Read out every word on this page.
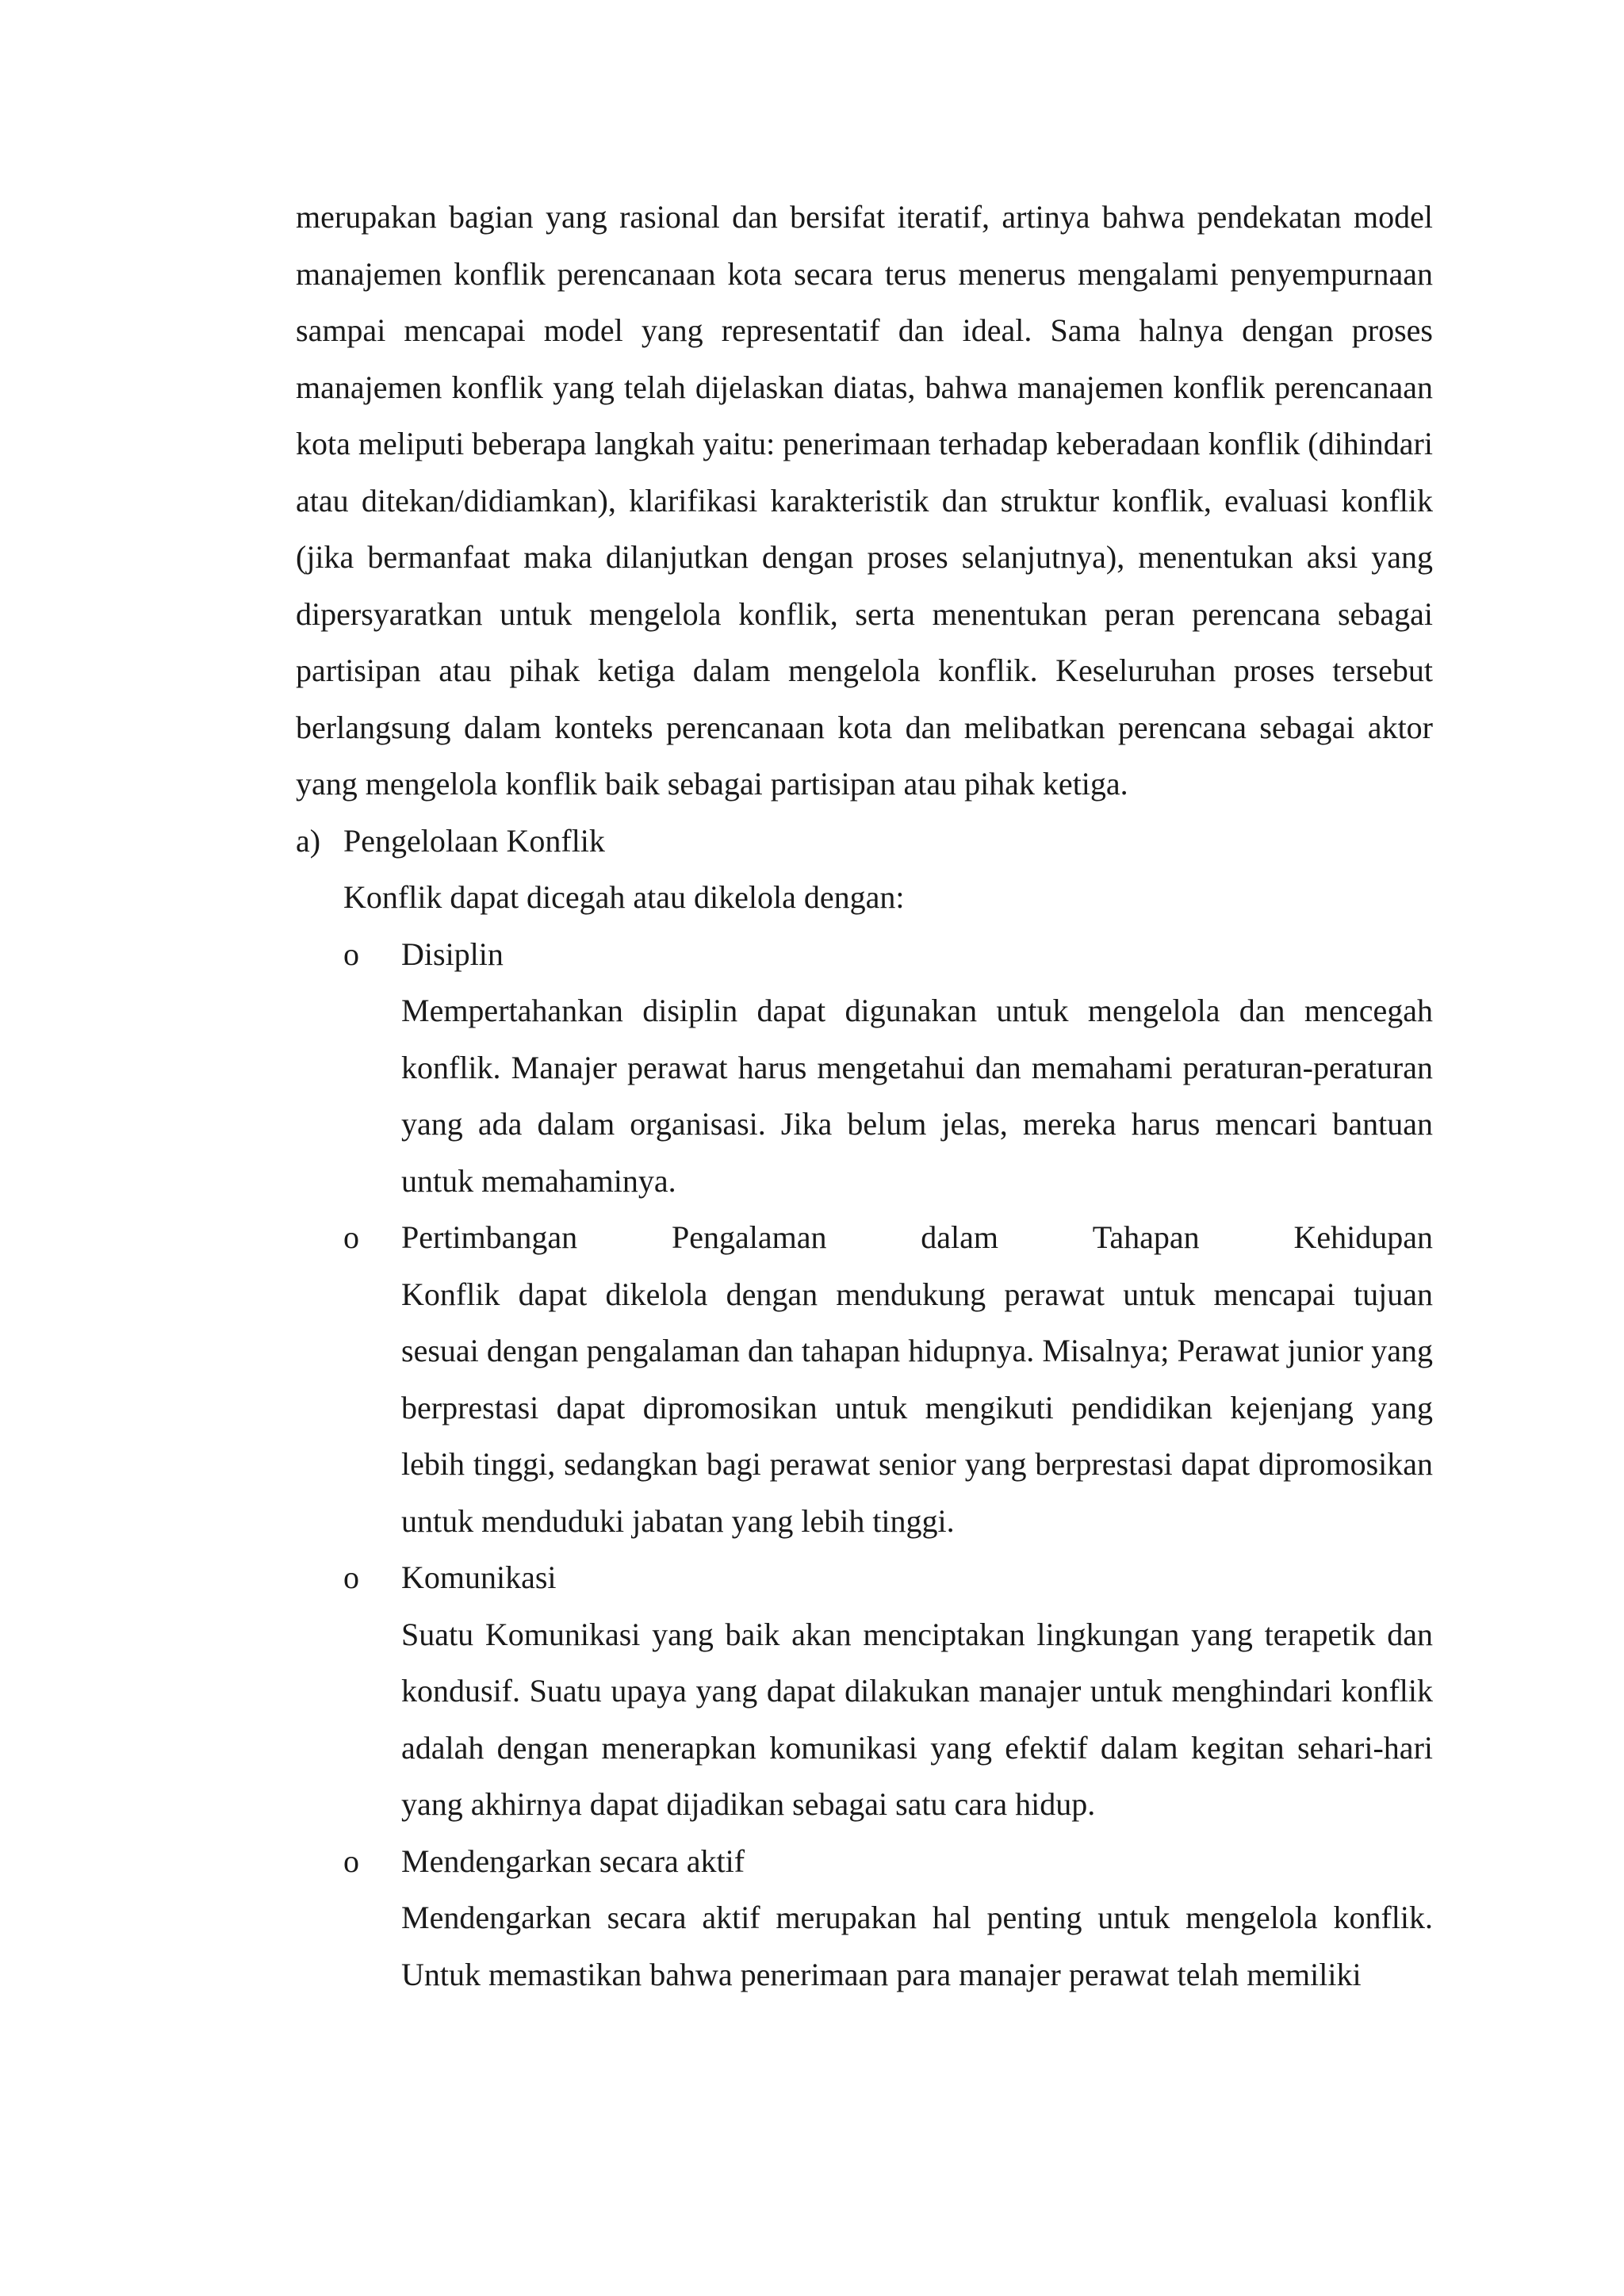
merupakan bagian yang rasional dan bersifat iteratif, artinya bahwa pendekatan model manajemen konflik perencanaan kota secara terus menerus mengalami penyempurnaan sampai mencapai model yang representatif dan ideal. Sama halnya dengan proses manajemen konflik yang telah dijelaskan diatas, bahwa manajemen konflik perencanaan kota meliputi beberapa langkah yaitu: penerimaan terhadap keberadaan konflik (dihindari atau ditekan/didiamkan), klarifikasi karakteristik dan struktur konflik, evaluasi konflik (jika bermanfaat maka dilanjutkan dengan proses selanjutnya), menentukan aksi yang dipersyaratkan untuk mengelola konflik, serta menentukan peran perencana sebagai partisipan atau pihak ketiga dalam mengelola konflik. Keseluruhan proses tersebut berlangsung dalam konteks perencanaan kota dan melibatkan perencana sebagai aktor yang mengelola konflik baik sebagai partisipan atau pihak ketiga.

a) Pengelolaan Konflik

Konflik dapat dicegah atau dikelola dengan:

o Disiplin

Mempertahankan disiplin dapat digunakan untuk mengelola dan mencegah konflik. Manajer perawat harus mengetahui dan memahami peraturan-peraturan yang ada dalam organisasi. Jika belum jelas, mereka harus mencari bantuan untuk memahaminya.

o Pertimbangan	Pengalaman	dalam	Tahapan	Kehidupan

Konflik dapat dikelola dengan mendukung perawat untuk mencapai tujuan sesuai dengan pengalaman dan tahapan hidupnya. Misalnya; Perawat junior yang berprestasi dapat dipromosikan untuk mengikuti pendidikan kejenjang yang lebih tinggi, sedangkan bagi perawat senior yang berprestasi dapat dipromosikan untuk menduduki jabatan yang lebih tinggi.

o Komunikasi

Suatu Komunikasi yang baik akan menciptakan lingkungan yang terapetik dan kondusif. Suatu upaya yang dapat dilakukan manajer untuk menghindari konflik adalah dengan menerapkan komunikasi yang efektif dalam kegitan sehari-hari yang akhirnya dapat dijadikan sebagai satu cara hidup.

o Mendengarkan secara aktif

Mendengarkan secara aktif merupakan hal penting untuk mengelola konflik. Untuk memastikan bahwa penerimaan para manajer perawat telah memiliki
